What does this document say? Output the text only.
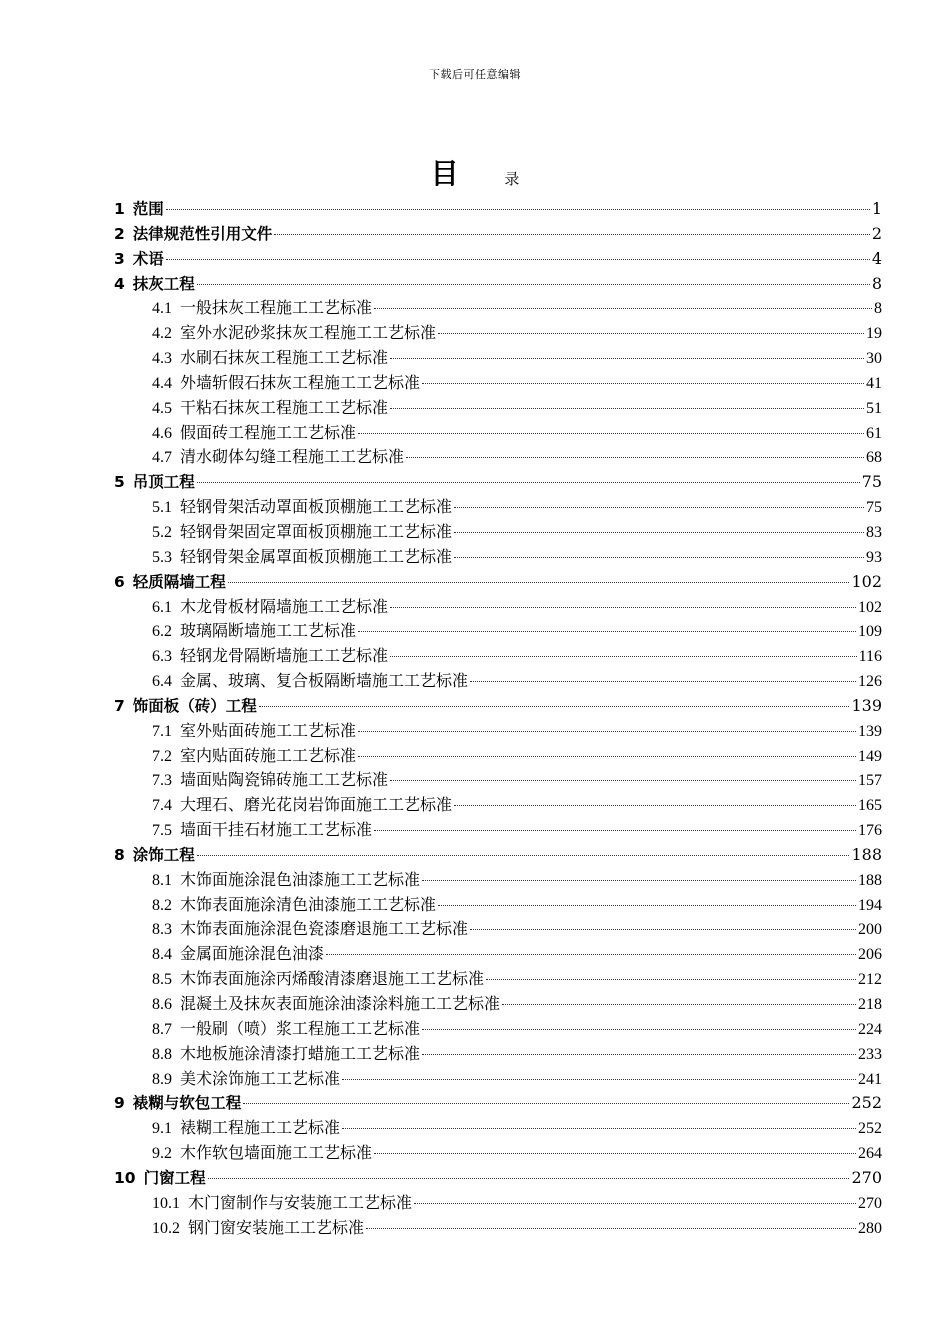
下载后可任意编辑
目	录
1 范围	1
2 法律规范性引用文件	2
3 术语	4
4 抹灰工程	8
4.1 一般抹灰工程施工工艺标准	8
4.2 室外水泥砂浆抹灰工程施工工艺标准	19
4.3 水刷石抹灰工程施工工艺标准	30
4.4 外墙斩假石抹灰工程施工工艺标准	41
4.5 干粘石抹灰工程施工工艺标准	51
4.6 假面砖工程施工工艺标准	61
4.7 清水砌体勾缝工程施工工艺标准	68
5 吊顶工程	75
5.1 轻钢骨架活动罩面板顶棚施工工艺标准	75
5.2 轻钢骨架固定罩面板顶棚施工工艺标准	83
5.3 轻钢骨架金属罩面板顶棚施工工艺标准	93
6 轻质隔墙工程	102
6.1 木龙骨板材隔墙施工工艺标准	102
6.2 玻璃隔断墙施工工艺标准	109
6.3 轻钢龙骨隔断墙施工工艺标准	116
6.4 金属、玻璃、复合板隔断墙施工工艺标准	126
7 饰面板（砖）工程	139
7.1 室外贴面砖施工工艺标准	139
7.2 室内贴面砖施工工艺标准	149
7.3 墙面贴陶瓷锦砖施工工艺标准	157
7.4 大理石、磨光花岗岩饰面施工工艺标准	165
7.5 墙面干挂石材施工工艺标准	176
8 涂饰工程	188
8.1 木饰面施涂混色油漆施工工艺标准	188
8.2 木饰表面施涂清色油漆施工工艺标准	194
8.3 木饰表面施涂混色瓷漆磨退施工工艺标准	200
8.4 金属面施涂混色油漆	206
8.5 木饰表面施涂丙烯酸清漆磨退施工工艺标准	212
8.6 混凝土及抹灰表面施涂油漆涂料施工工艺标准	218
8.7 一般刷（喷）浆工程施工工艺标准	224
8.8 木地板施涂清漆打蜡施工工艺标准	233
8.9 美术涂饰施工工艺标准	241
9 裱糊与软包工程	252
9.1 裱糊工程施工工艺标准	252
9.2 木作软包墙面施工工艺标准	264
10 门窗工程	270
10.1 木门窗制作与安装施工工艺标准	270
10.2 钢门窗安装施工工艺标准	280
